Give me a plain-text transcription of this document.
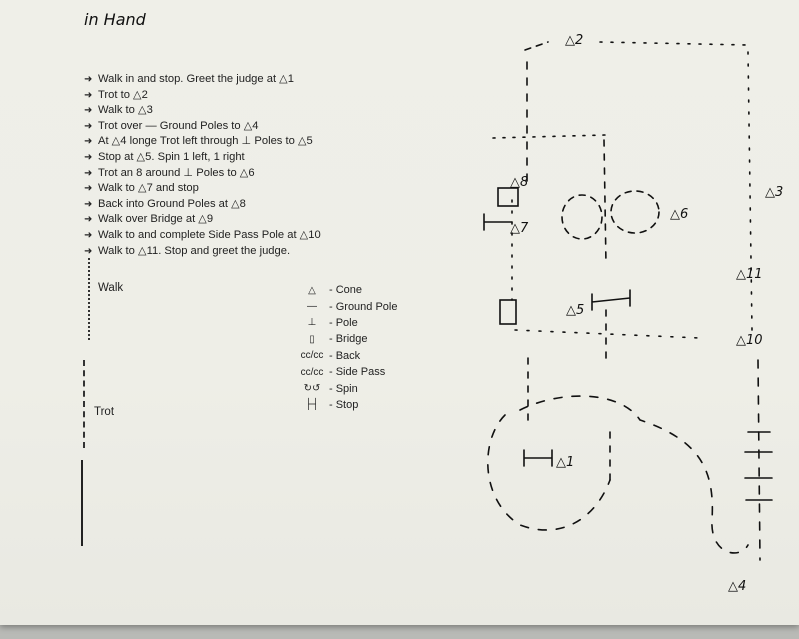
in Hand
➜ Walk in and stop. Greet the judge at △1
➜ Trot to △2
➜ Walk to △3
➜ Trot over — Ground Poles to △4
➜ At △4 longe Trot left through ⊥ Poles to △5
➜ Stop at △5. Spin 1 left, 1 right
➜ Trot an 8 around ⊥ Poles to △6
➜ Walk to △7 and stop
➜ Back into Ground Poles at △8
➜ Walk over Bridge at △9
➜ Walk to and complete Side Pass Pole at △10
➜ Walk to △11. Stop and greet the judge.
Walk
Trot
△	- Cone
—	- Ground Pole
⊥	- Pole
▯	- Bridge
cc/cc - Back
cc/cc - Side Pass
↻↺ - Spin
├┤ - Stop
△2
△3
△6
△7
△8
△5
△10
△11
△1
△4
